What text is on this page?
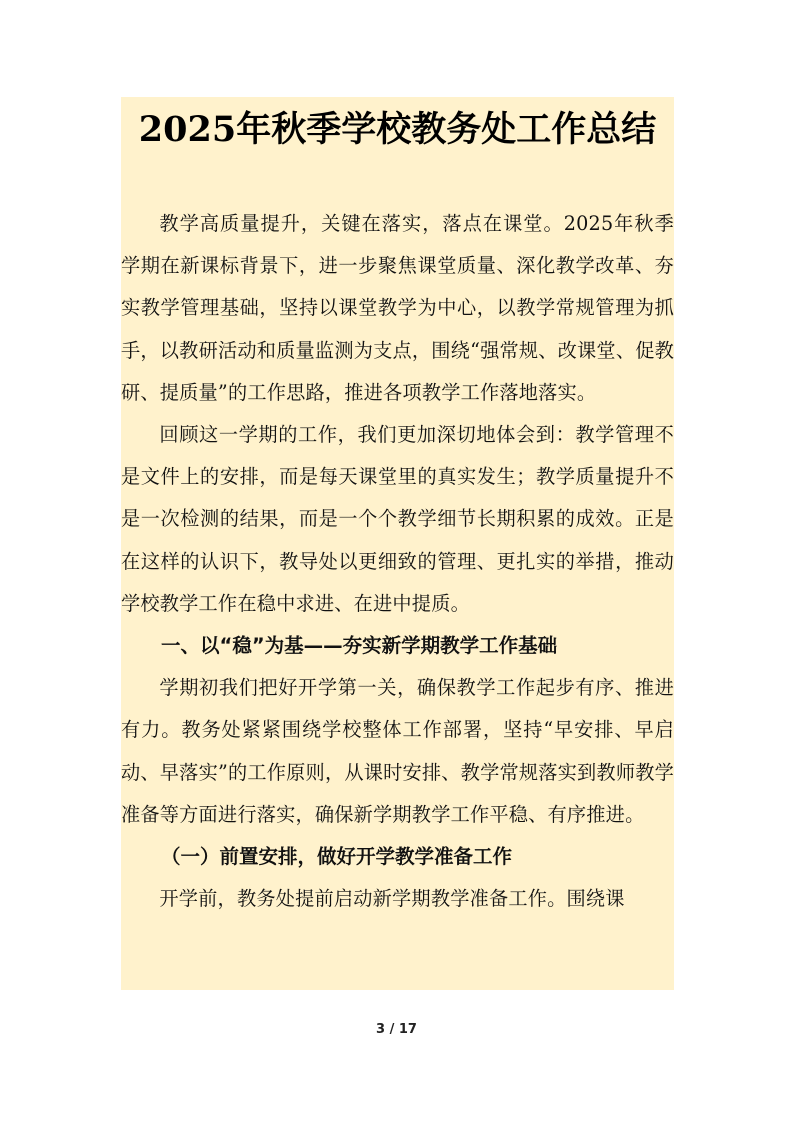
2025年秋季学校教务处工作总结

教学高质量提升，关键在落实，落点在课堂。2025年秋季学期在新课标背景下，进一步聚焦课堂质量、深化教学改革、夯实教学管理基础，坚持以课堂教学为中心，以教学常规管理为抓手，以教研活动和质量监测为支点，围绕“强常规、改课堂、促教研、提质量”的工作思路，推进各项教学工作落地落实。

回顾这一学期的工作，我们更加深切地体会到：教学管理不是文件上的安排，而是每天课堂里的真实发生；教学质量提升不是一次检测的结果，而是一个个教学细节长期积累的成效。正是在这样的认识下，教导处以更细致的管理、更扎实的举措，推动学校教学工作在稳中求进、在进中提质。

一、以“稳”为基——夯实新学期教学工作基础

学期初我们把好开学第一关，确保教学工作起步有序、推进有力。教务处紧紧围绕学校整体工作部署，坚持“早安排、早启动、早落实”的工作原则，从课时安排、教学常规落实到教师教学准备等方面进行落实，确保新学期教学工作平稳、有序推进。

（一）前置安排，做好开学教学准备工作

开学前，教务处提前启动新学期教学准备工作。围绕课

3 / 17
